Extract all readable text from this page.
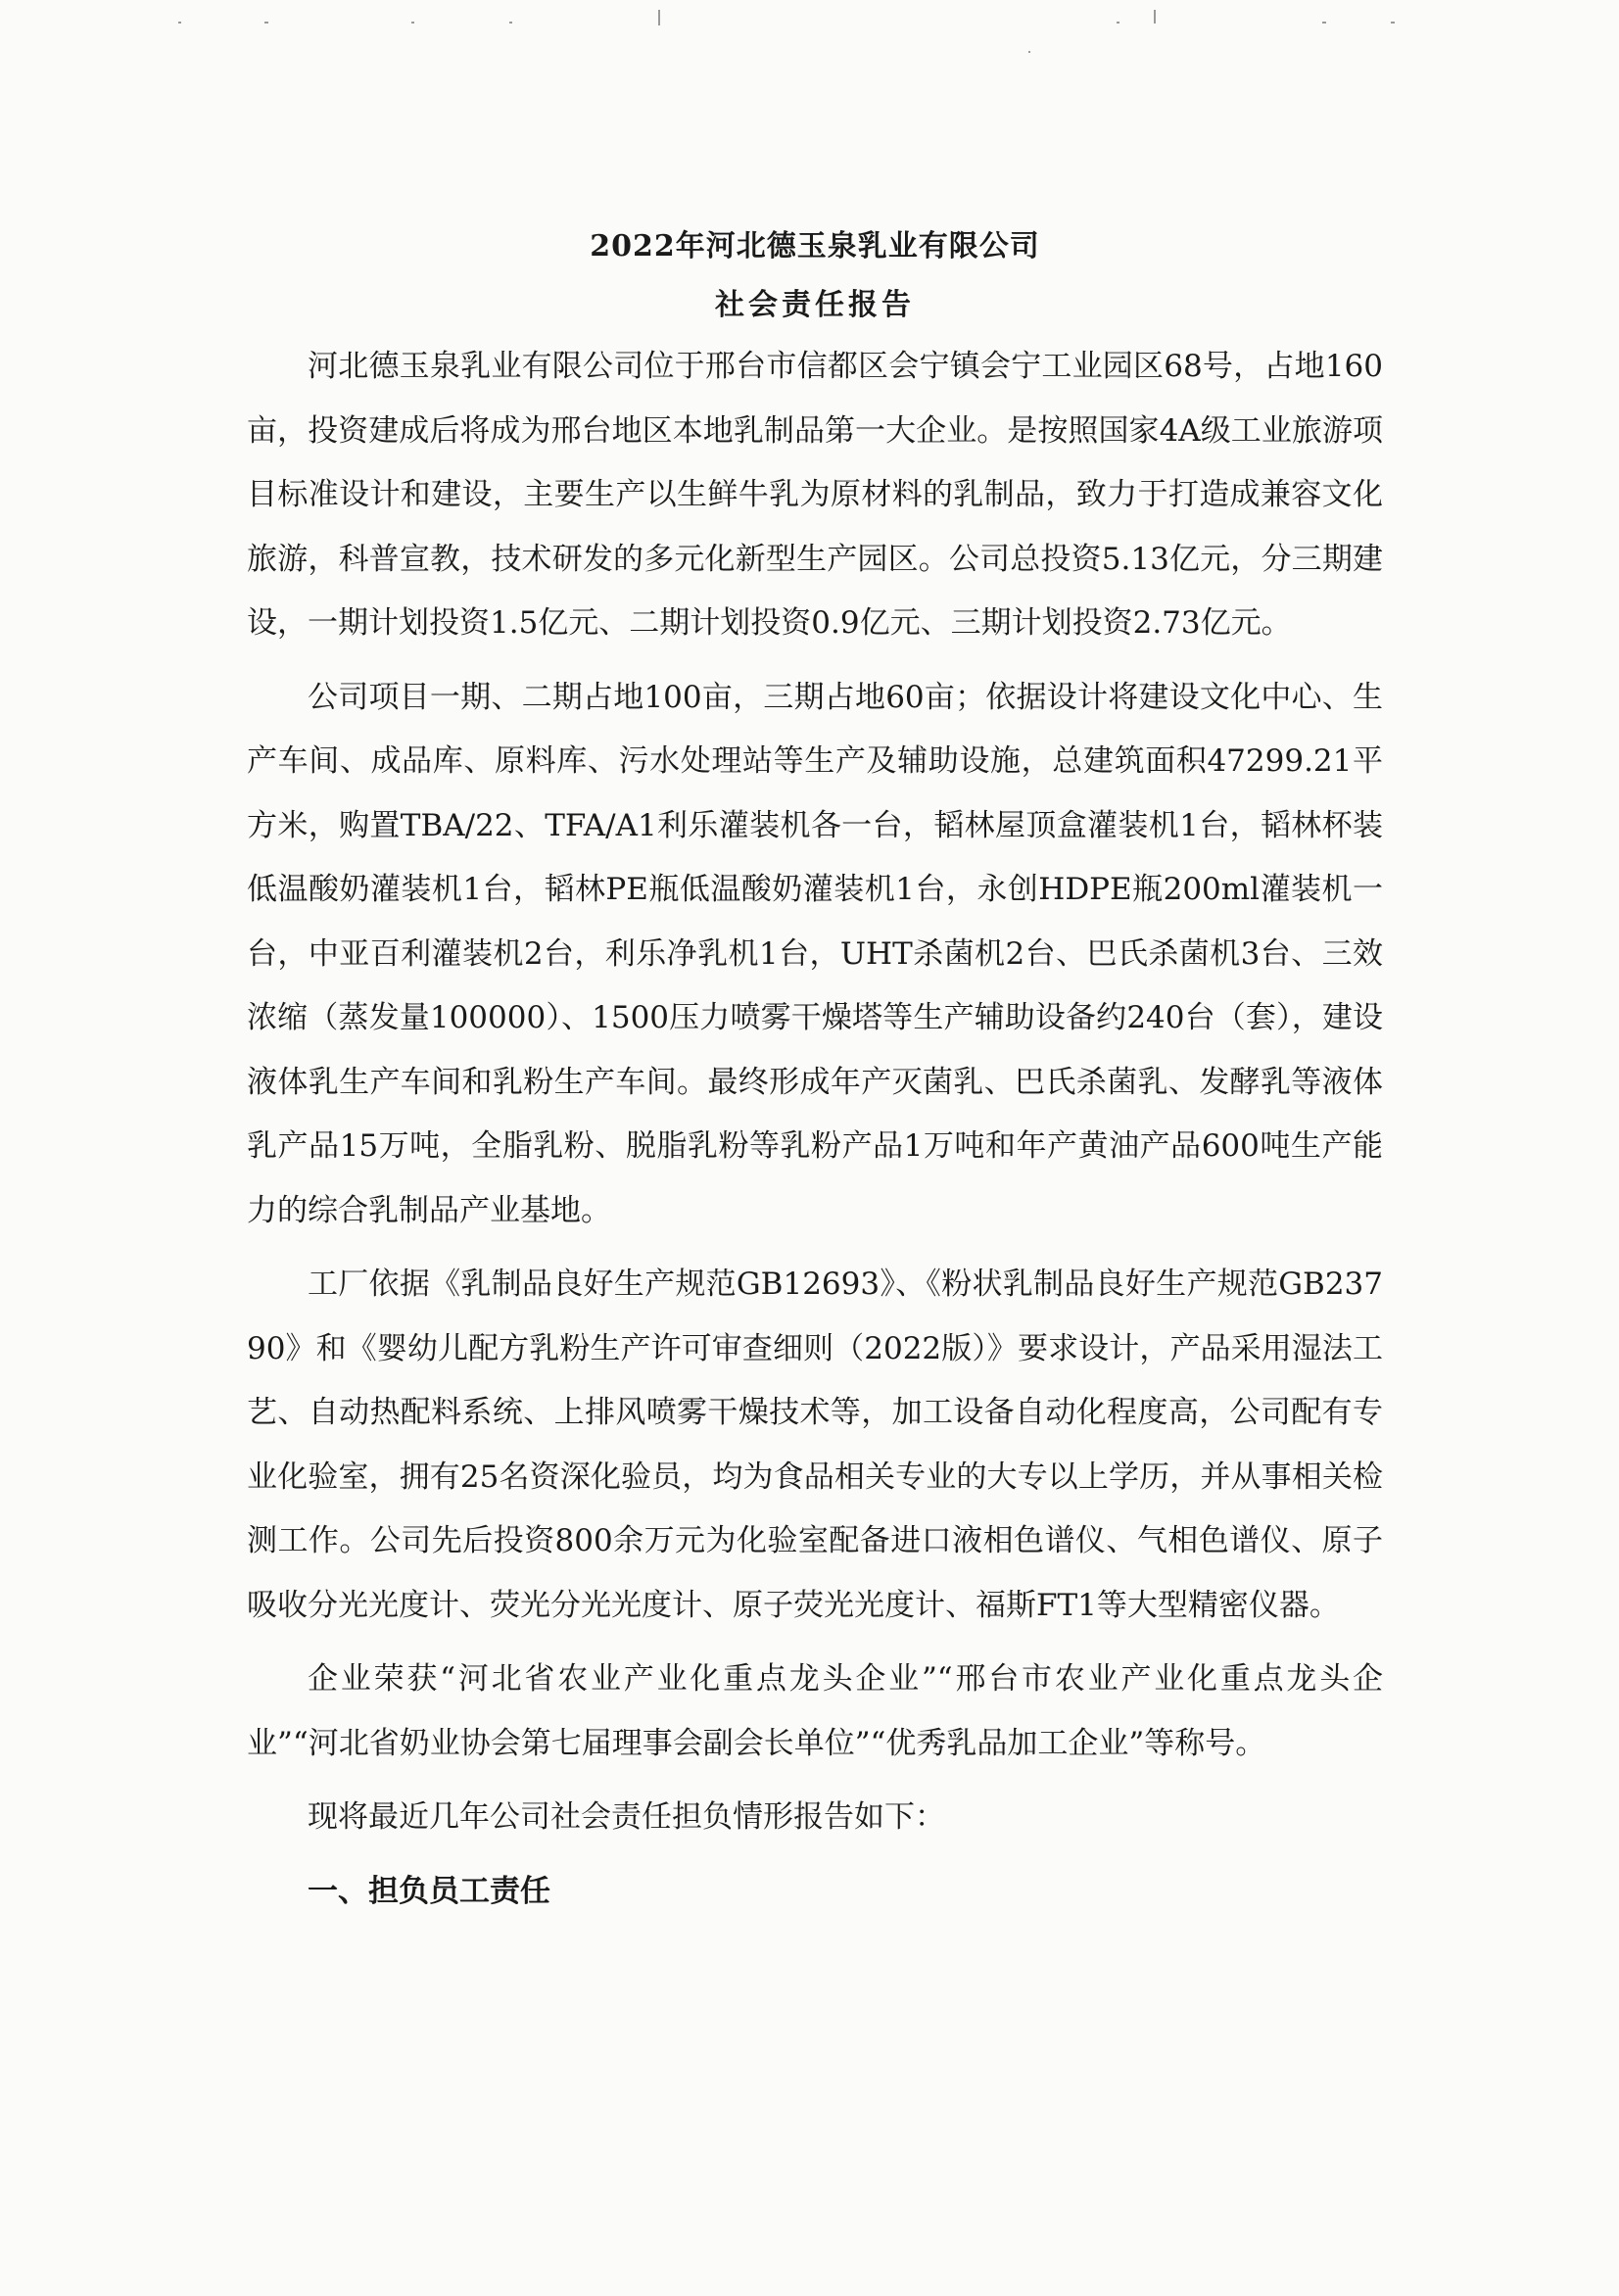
2022年河北德玉泉乳业有限公司
社会责任报告

河北德玉泉乳业有限公司位于邢台市信都区会宁镇会宁工业园区68号，占地160亩，投资建成后将成为邢台地区本地乳制品第一大企业。是按照国家4A级工业旅游项目标准设计和建设，主要生产以生鲜牛乳为原材料的乳制品，致力于打造成兼容文化旅游，科普宣教，技术研发的多元化新型生产园区。公司总投资5.13亿元，分三期建设，一期计划投资1.5亿元、二期计划投资0.9亿元、三期计划投资2.73亿元。

公司项目一期、二期占地100亩，三期占地60亩；依据设计将建设文化中心、生产车间、成品库、原料库、污水处理站等生产及辅助设施，总建筑面积47299.21平方米，购置TBA/22、TFA/A1利乐灌装机各一台，韬林屋顶盒灌装机1台，韬林杯装低温酸奶灌装机1台，韬林PE瓶低温酸奶灌装机1台，永创HDPE瓶200ml灌装机一台，中亚百利灌装机2台，利乐净乳机1台，UHT杀菌机2台、巴氏杀菌机3台、三效浓缩（蒸发量100000）、1500压力喷雾干燥塔等生产辅助设备约240台（套），建设液体乳生产车间和乳粉生产车间。最终形成年产灭菌乳、巴氏杀菌乳、发酵乳等液体乳产品15万吨，全脂乳粉、脱脂乳粉等乳粉产品1万吨和年产黄油产品600吨生产能力的综合乳制品产业基地。

工厂依据《乳制品良好生产规范GB12693》、《粉状乳制品良好生产规范GB23790》和《婴幼儿配方乳粉生产许可审查细则（2022版）》要求设计，产品采用湿法工艺、自动热配料系统、上排风喷雾干燥技术等，加工设备自动化程度高，公司配有专业化验室，拥有25名资深化验员，均为食品相关专业的大专以上学历，并从事相关检测工作。公司先后投资800余万元为化验室配备进口液相色谱仪、气相色谱仪、原子吸收分光光度计、荧光分光光度计、原子荧光光度计、福斯FT1等大型精密仪器。

企业荣获“河北省农业产业化重点龙头企业”“邢台市农业产业化重点龙头企业”“河北省奶业协会第七届理事会副会长单位”“优秀乳品加工企业”等称号。

现将最近几年公司社会责任担负情形报告如下：

一、担负员工责任
